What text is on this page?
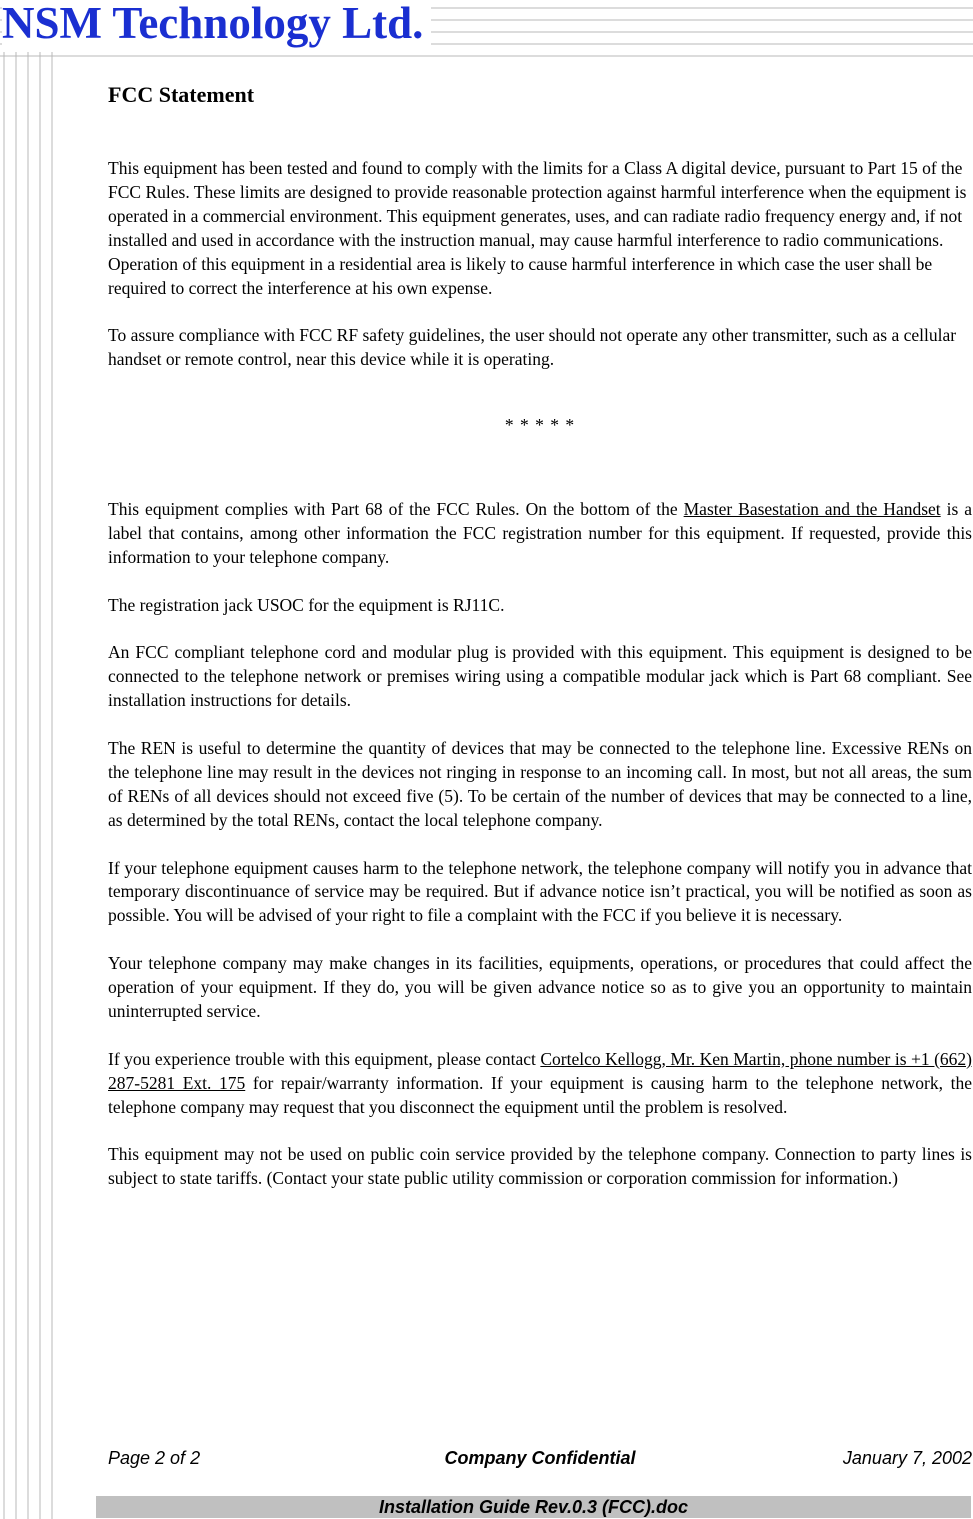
NSM Technology Ltd.
FCC Statement

This equipment has been tested and found to comply with the limits for a Class A digital device, pursuant to Part 15 of the FCC Rules. These limits are designed to provide reasonable protection against harmful interference when the equipment is operated in a commercial environment. This equipment generates, uses, and can radiate radio frequency energy and, if not installed and used in accordance with the instruction manual, may cause harmful interference to radio communications. Operation of this equipment in a residential area is likely to cause harmful interference in which case the user shall be required to correct the interference at his own expense.

To assure compliance with FCC RF safety guidelines, the user should not operate any other transmitter, such as a cellular handset or remote control, near this device while it is operating.

* * * * *

This equipment complies with Part 68 of the FCC Rules. On the bottom of the Master Basestation and the Handset is a label that contains, among other information the FCC registration number for this equipment. If requested, provide this information to your telephone company.

The registration jack USOC for the equipment is RJ11C.

An FCC compliant telephone cord and modular plug is provided with this equipment. This equipment is designed to be connected to the telephone network or premises wiring using a compatible modular jack which is Part 68 compliant. See installation instructions for details.

The REN is useful to determine the quantity of devices that may be connected to the telephone line. Excessive RENs on the telephone line may result in the devices not ringing in response to an incoming call. In most, but not all areas, the sum of RENs of all devices should not exceed five (5). To be certain of the number of devices that may be connected to a line, as determined by the total RENs, contact the local telephone company.

If your telephone equipment causes harm to the telephone network, the telephone company will notify you in advance that temporary discontinuance of service may be required. But if advance notice isn’t practical, you will be notified as soon as possible. You will be advised of your right to file a complaint with the FCC if you believe it is necessary.

Your telephone company may make changes in its facilities, equipments, operations, or procedures that could affect the operation of your equipment. If they do, you will be given advance notice so as to give you an opportunity to maintain uninterrupted service.

If you experience trouble with this equipment, please contact Cortelco Kellogg, Mr. Ken Martin, phone number is +1 (662) 287-5281 Ext. 175 for repair/warranty information. If your equipment is causing harm to the telephone network, the telephone company may request that you disconnect the equipment until the problem is resolved.

This equipment may not be used on public coin service provided by the telephone company. Connection to party lines is subject to state tariffs. (Contact your state public utility commission or corporation commission for information.)

Page 2 of 2	Company Confidential	January 7, 2002
Installation Guide Rev.0.3 (FCC).doc
